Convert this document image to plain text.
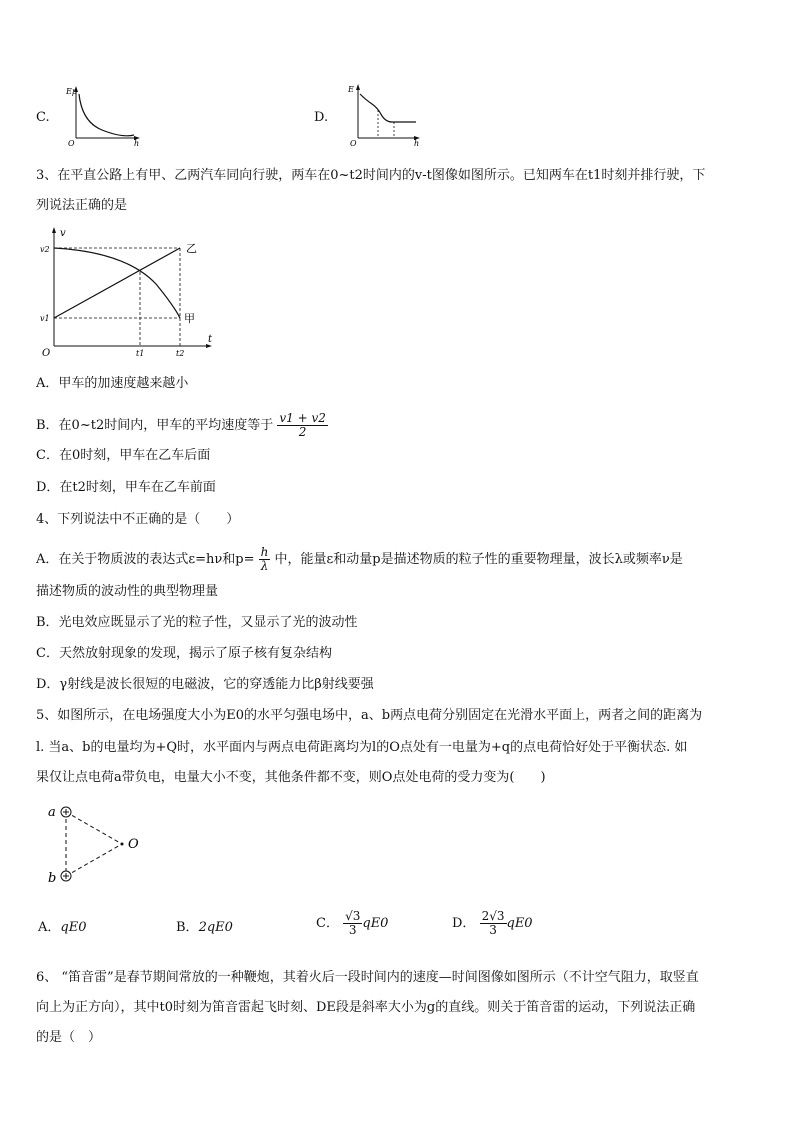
C.
Ep
h
O
D.
E
h
O
3、在平直公路上有甲、乙两汽车同向行驶，两车在0~t2时间内的v-t图像如图所示。已知两车在t1时刻并排行驶，下
列说法正确的是
v
t
O
v2
v1
t1	t2
乙
甲
A．甲车的加速度越来越小
B．在0~t2时间内，甲车的平均速度等于 $\frac{v1 + v2}{2}$
C．在0时刻，甲车在乙车后面
D．在t2时刻，甲车在乙车前面
4、下列说法中不正确的是（　　）
A．在关于物质波的表达式ε=hν和$p= \frac{h}{\lambda}$ 中，能量ε和动量p是描述物质的粒子性的重要物理量，波长λ或频率ν是
描述物质的波动性的典型物理量
B．光电效应既显示了光的粒子性，又显示了光的波动性
C．天然放射现象的发现，揭示了原子核有复杂结构
D．γ射线是波长很短的电磁波，它的穿透能力比β射线要强
5、如图所示，在电场强度大小为E0的水平匀强电场中，a、b两点电荷分别固定在光滑水平面上，两者之间的距离为
l. 当a、b的电量均为+Q时，水平面内与两点电荷距离均为l的O点处有一电量为+q的点电荷恰好处于平衡状态. 如
果仅让点电荷a带负电，电量大小不变，其他条件都不变，则O点处电荷的受力变为(　　)
a
b
O
A．qE0	B．2qE0	C． $\frac{√3}{3} qE0$	D． $\frac{2√3}{3} qE0$
6、 “笛音雷”是春节期间常放的一种鞭炮，其着火后一段时间内的速度—时间图像如图所示（不计空气阻力，取竖直
向上为正方向），其中t0时刻为笛音雷起飞时刻、DE段是斜率大小为g的直线。则关于笛音雷的运动，下列说法正确
的是（　）
